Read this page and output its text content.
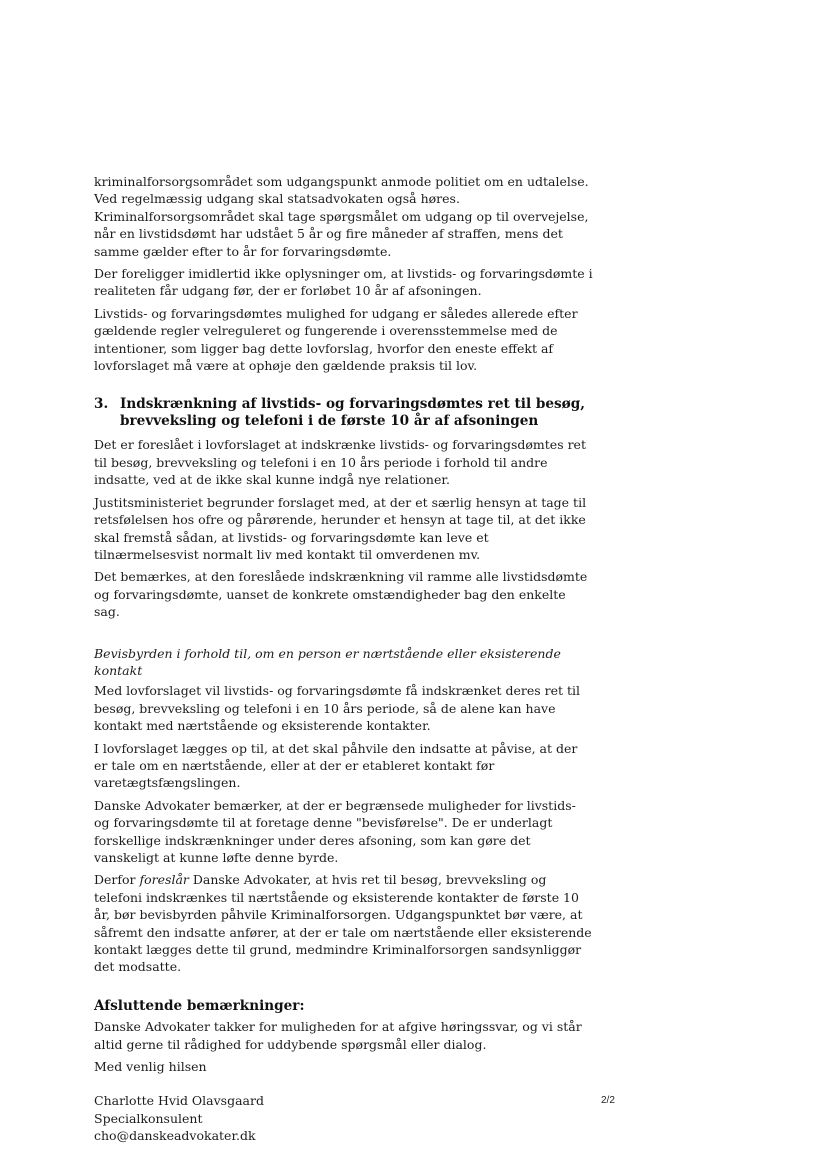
kriminalforsorgsområdet som udgangspunkt anmode politiet om en udtalelse. Ved regelmæssig udgang skal statsadvokaten også høres. Kriminalforsorgsområdet skal tage spørgsmålet om udgang op til overvejelse, når en livstidsdømt har udstået 5 år og fire måneder af straffen, mens det samme gælder efter to år for forvaringsdømte.

Der foreligger imidlertid ikke oplysninger om, at livstids- og forvaringsdømte i realiteten får udgang før, der er forløbet 10 år af afsoningen.

Livstids- og forvaringsdømtes mulighed for udgang er således allerede efter gældende regler velreguleret og fungerende i overensstemmelse med de intentioner, som ligger bag dette lovforslag, hvorfor den eneste effekt af lovforslaget må være at ophøje den gældende praksis til lov.

3. Indskrænkning af livstids- og forvaringsdømtes ret til besøg, brevveksling og telefoni i de første 10 år af afsoningen

Det er foreslået i lovforslaget at indskrænke livstids- og forvaringsdømtes ret til besøg, brevveksling og telefoni i en 10 års periode i forhold til andre indsatte, ved at de ikke skal kunne indgå nye relationer.

Justitsministeriet begrunder forslaget med, at der et særlig hensyn at tage til retsfølelsen hos ofre og pårørende, herunder et hensyn at tage til, at det ikke skal fremstå sådan, at livstids- og forvaringsdømte kan leve et tilnærmelsesvist normalt liv med kontakt til omverdenen mv.

Det bemærkes, at den foreslåede indskrænkning vil ramme alle livstidsdømte og forvaringsdømte, uanset de konkrete omstændigheder bag den enkelte sag.

Bevisbyrden i forhold til, om en person er nærtstående eller eksisterende kontakt

Med lovforslaget vil livstids- og forvaringsdømte få indskrænket deres ret til besøg, brevveksling og telefoni i en 10 års periode, så de alene kan have kontakt med nærtstående og eksisterende kontakter.

I lovforslaget lægges op til, at det skal påhvile den indsatte at påvise, at der er tale om en nærtstående, eller at der er etableret kontakt før varetægtsfængslingen.

Danske Advokater bemærker, at der er begrænsede muligheder for livstids- og forvaringsdømte til at foretage denne "bevisførelse". De er underlagt forskellige indskrænkninger under deres afsoning, som kan gøre det vanskeligt at kunne løfte denne byrde.

Derfor foreslår Danske Advokater, at hvis ret til besøg, brevveksling og telefoni indskrænkes til nærtstående og eksisterende kontakter de første 10 år, bør bevisbyrden påhvile Kriminalforsorgen. Udgangspunktet bør være, at såfremt den indsatte anfører, at der er tale om nærtstående eller eksisterende kontakt lægges dette til grund, medmindre Kriminalforsorgen sandsynliggør det modsatte.

Afsluttende bemærkninger:

Danske Advokater takker for muligheden for at afgive høringssvar, og vi står altid gerne til rådighed for uddybende spørgsmål eller dialog.

Med venlig hilsen

Charlotte Hvid Olavsgaard

Specialkonsulent

cho@danskeadvokater.dk

2/2
